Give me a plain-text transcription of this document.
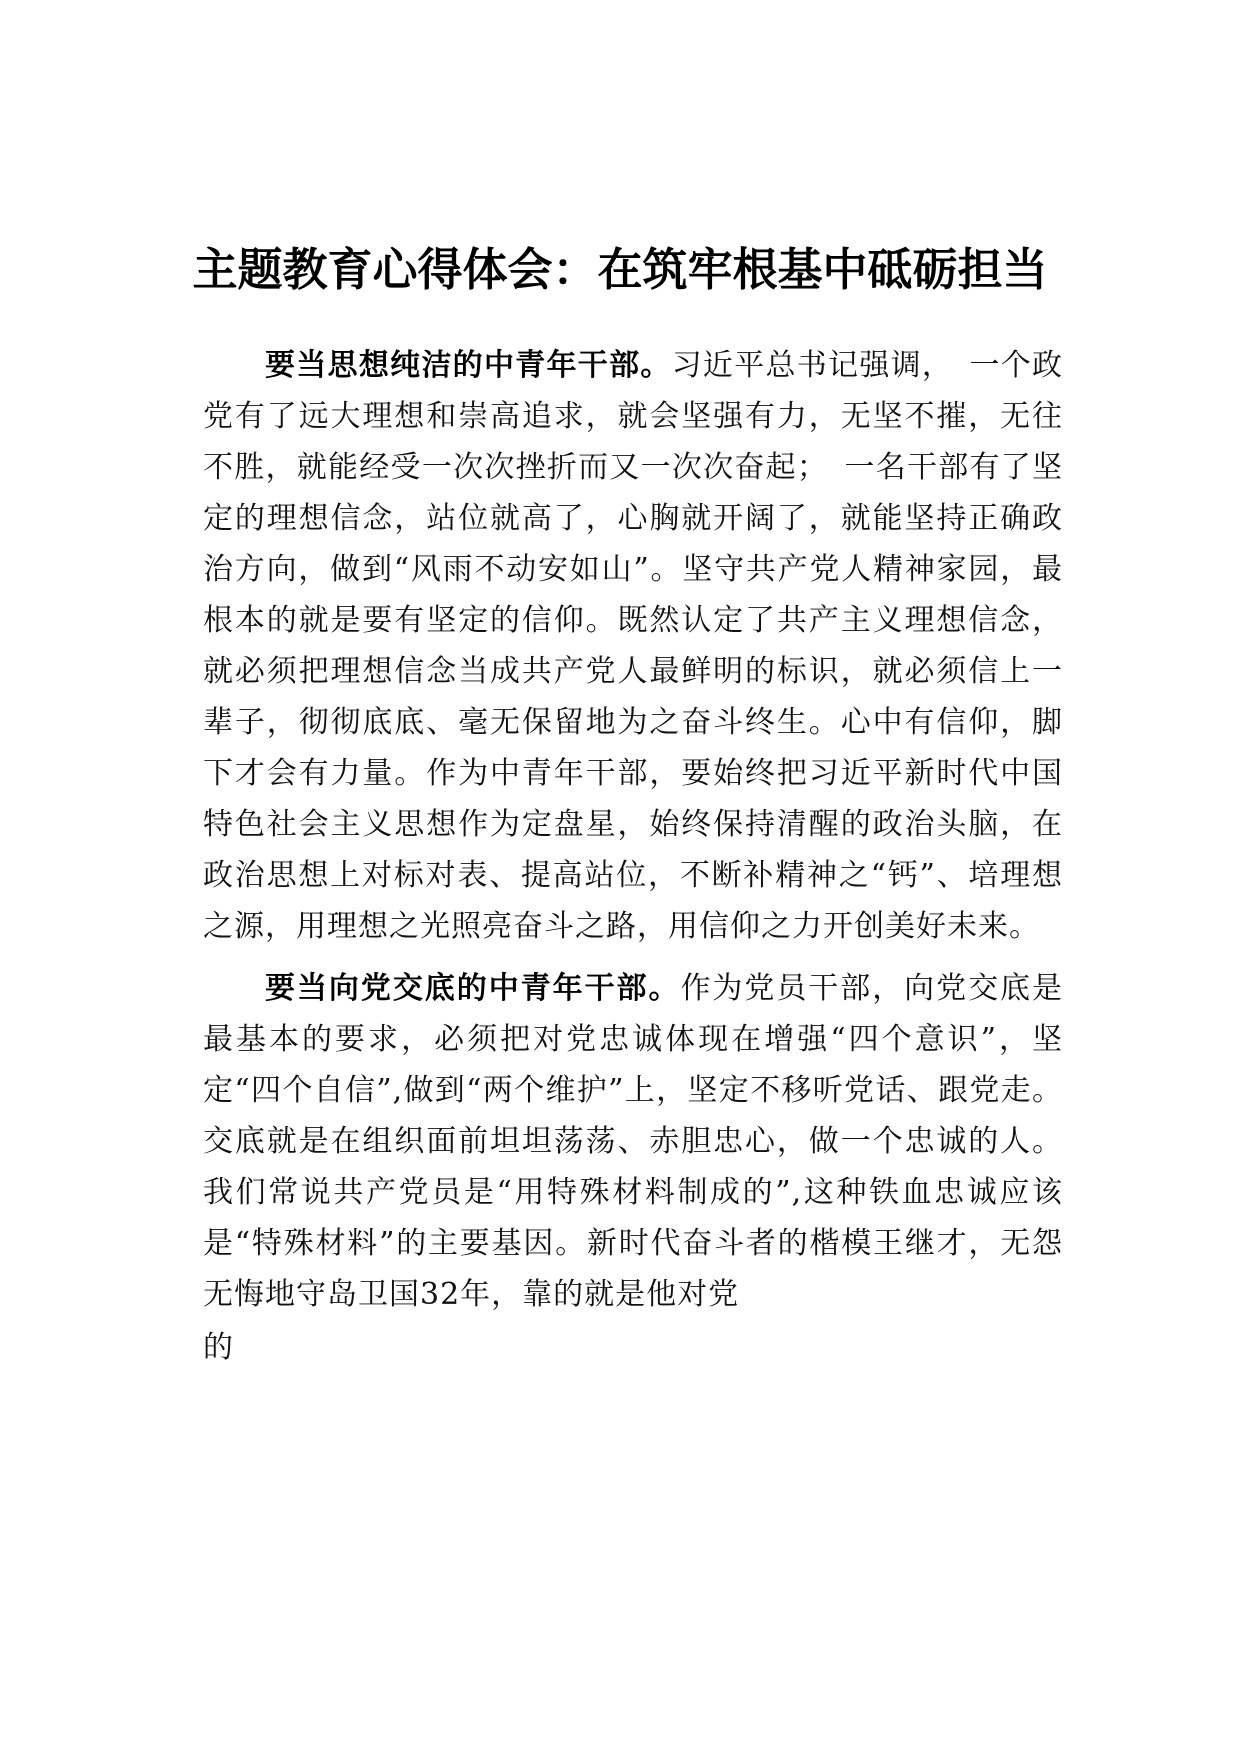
主题教育心得体会：在筑牢根基中砥砺担当

要当思想纯洁的中青年干部。习近平总书记强调，　一个政党有了远大理想和崇高追求，就会坚强有力，无坚不摧，无往不胜，就能经受一次次挫折而又一次次奋起；　一名干部有了坚定的理想信念，站位就高了，心胸就开阔了，就能坚持正确政治方向，做到“风雨不动安如山”。坚守共产党人精神家园，最根本的就是要有坚定的信仰。既然认定了共产主义理想信念，就必须把理想信念当成共产党人最鲜明的标识，就必须信上一辈子，彻彻底底、毫无保留地为之奋斗终生。心中有信仰，脚下才会有力量。作为中青年干部，要始终把习近平新时代中国特色社会主义思想作为定盘星，始终保持清醒的政治头脑，在政治思想上对标对表、提高站位，不断补精神之“钙”、培理想之源，用理想之光照亮奋斗之路，用信仰之力开创美好未来。

要当向党交底的中青年干部。作为党员干部，向党交底是最基本的要求，必须把对党忠诚体现在增强“四个意识”，坚定“四个自信”,做到“两个维护”上，坚定不移听党话、跟党走。交底就是在组织面前坦坦荡荡、赤胆忠心，做一个忠诚的人。我们常说共产党员是“用特殊材料制成的”,这种铁血忠诚应该是“特殊材料”的主要基因。新时代奋斗者的楷模王继才，无怨无悔地守岛卫国32年，靠的就是他对党

的
